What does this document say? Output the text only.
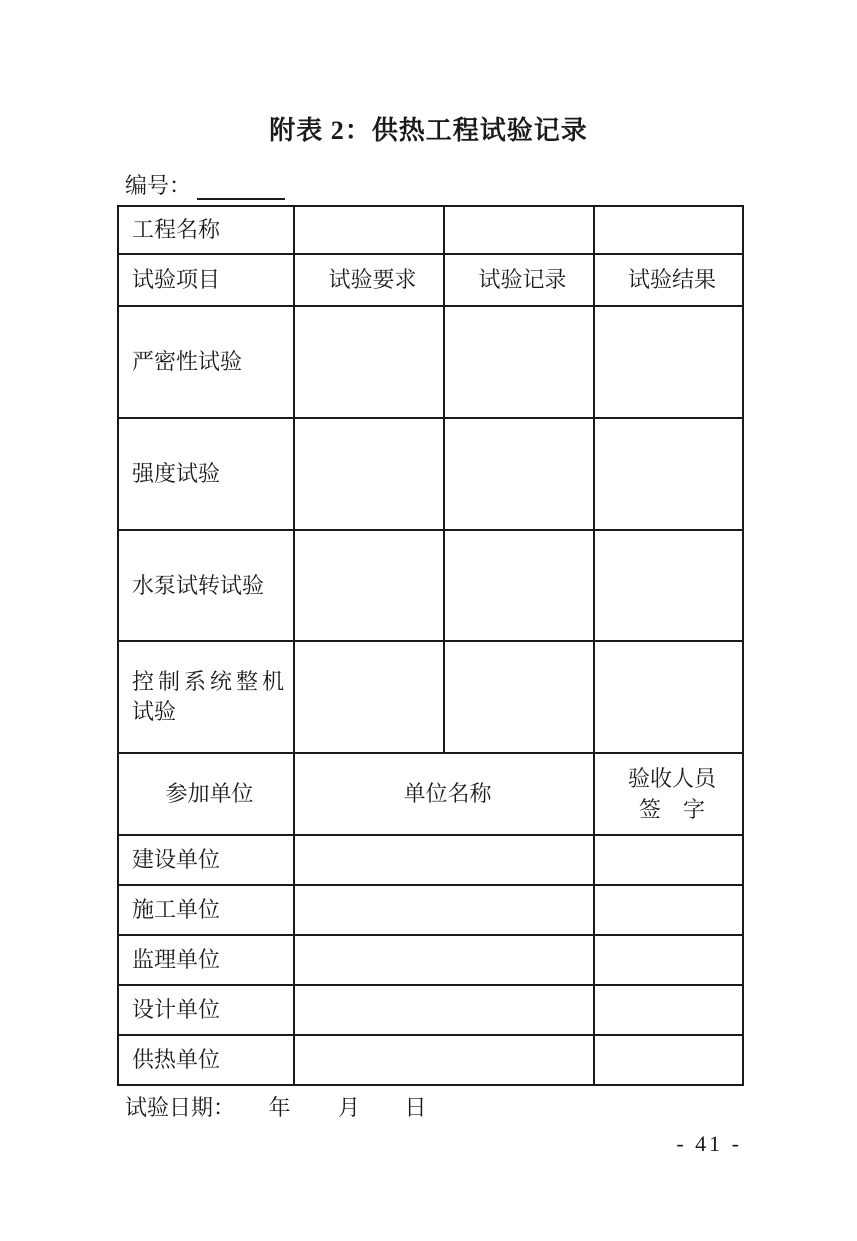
附表 2：供热工程试验记录
编号：
工程名称			
试验项目	试验要求	试验记录	试验结果
严密性试验			
强度试验			
水泵试转试验			

控制系统整机
试验			

参加单位	单位名称		验收人员
签　字

建设单位			
施工单位			
监理单位			
设计单位			
供热单位			
试验日期： 年 月 日
- 41 -
